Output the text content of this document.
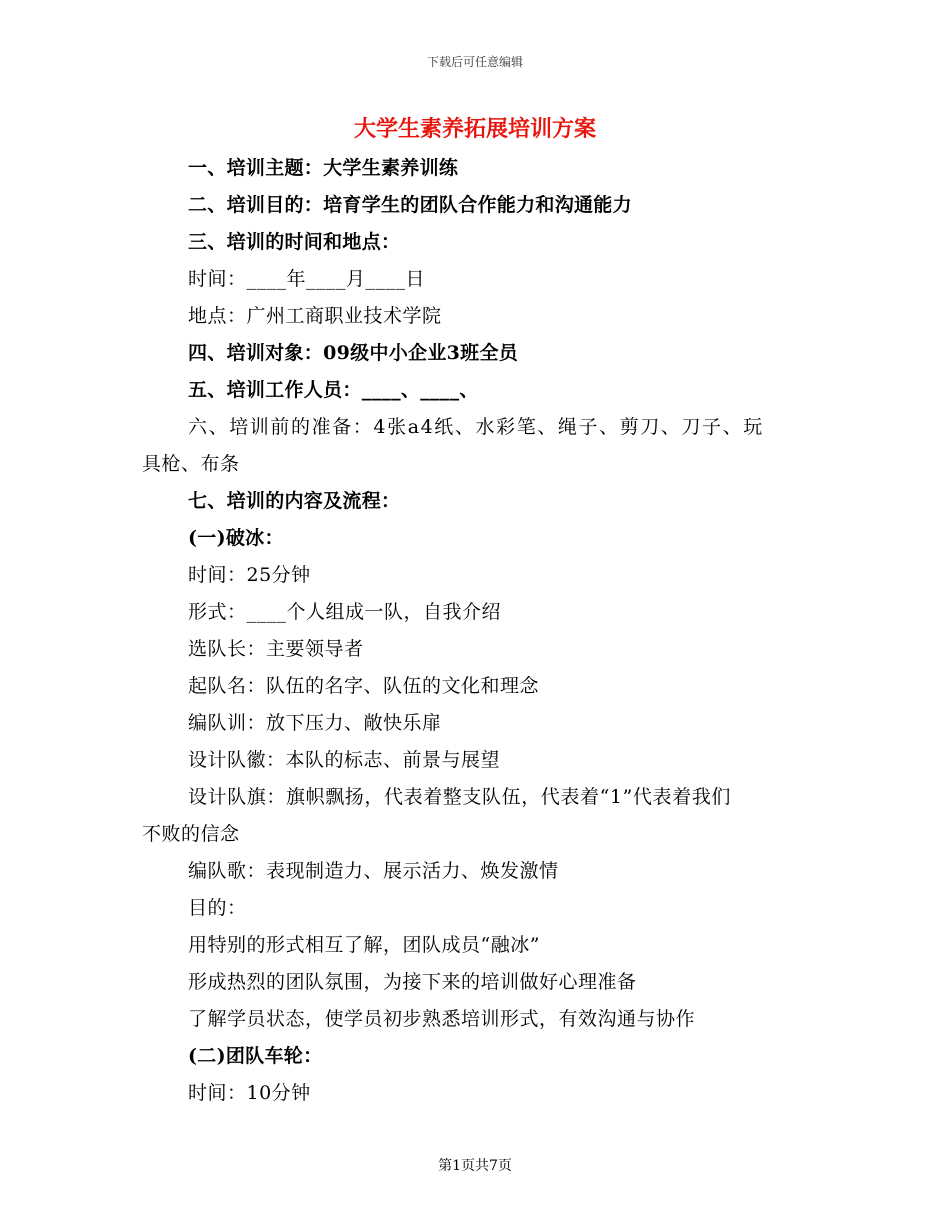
下载后可任意编辑
大学生素养拓展培训方案
一、培训主题：大学生素养训练
二、培训目的：培育学生的团队合作能力和沟通能力
三、培训的时间和地点：
时间：____年____月____日
地点：广州工商职业技术学院
四、培训对象：09级中小企业3班全员
五、培训工作人员：____、____、
六、培训前的准备：4张a4纸、水彩笔、绳子、剪刀、刀子、玩
具枪、布条
七、培训的内容及流程：
(一)破冰：
时间：25分钟
形式：____个人组成一队，自我介绍
选队长：主要领导者
起队名：队伍的名字、队伍的文化和理念
编队训：放下压力、敞快乐扉
设计队徽：本队的标志、前景与展望
设计队旗：旗帜飘扬，代表着整支队伍，代表着“1”代表着我们
不败的信念
编队歌：表现制造力、展示活力、焕发激情
目的：
用特别的形式相互了解，团队成员“融冰”
形成热烈的团队氛围，为接下来的培训做好心理准备
了解学员状态，使学员初步熟悉培训形式，有效沟通与协作
(二)团队车轮：
时间：10分钟
第1页共7页
